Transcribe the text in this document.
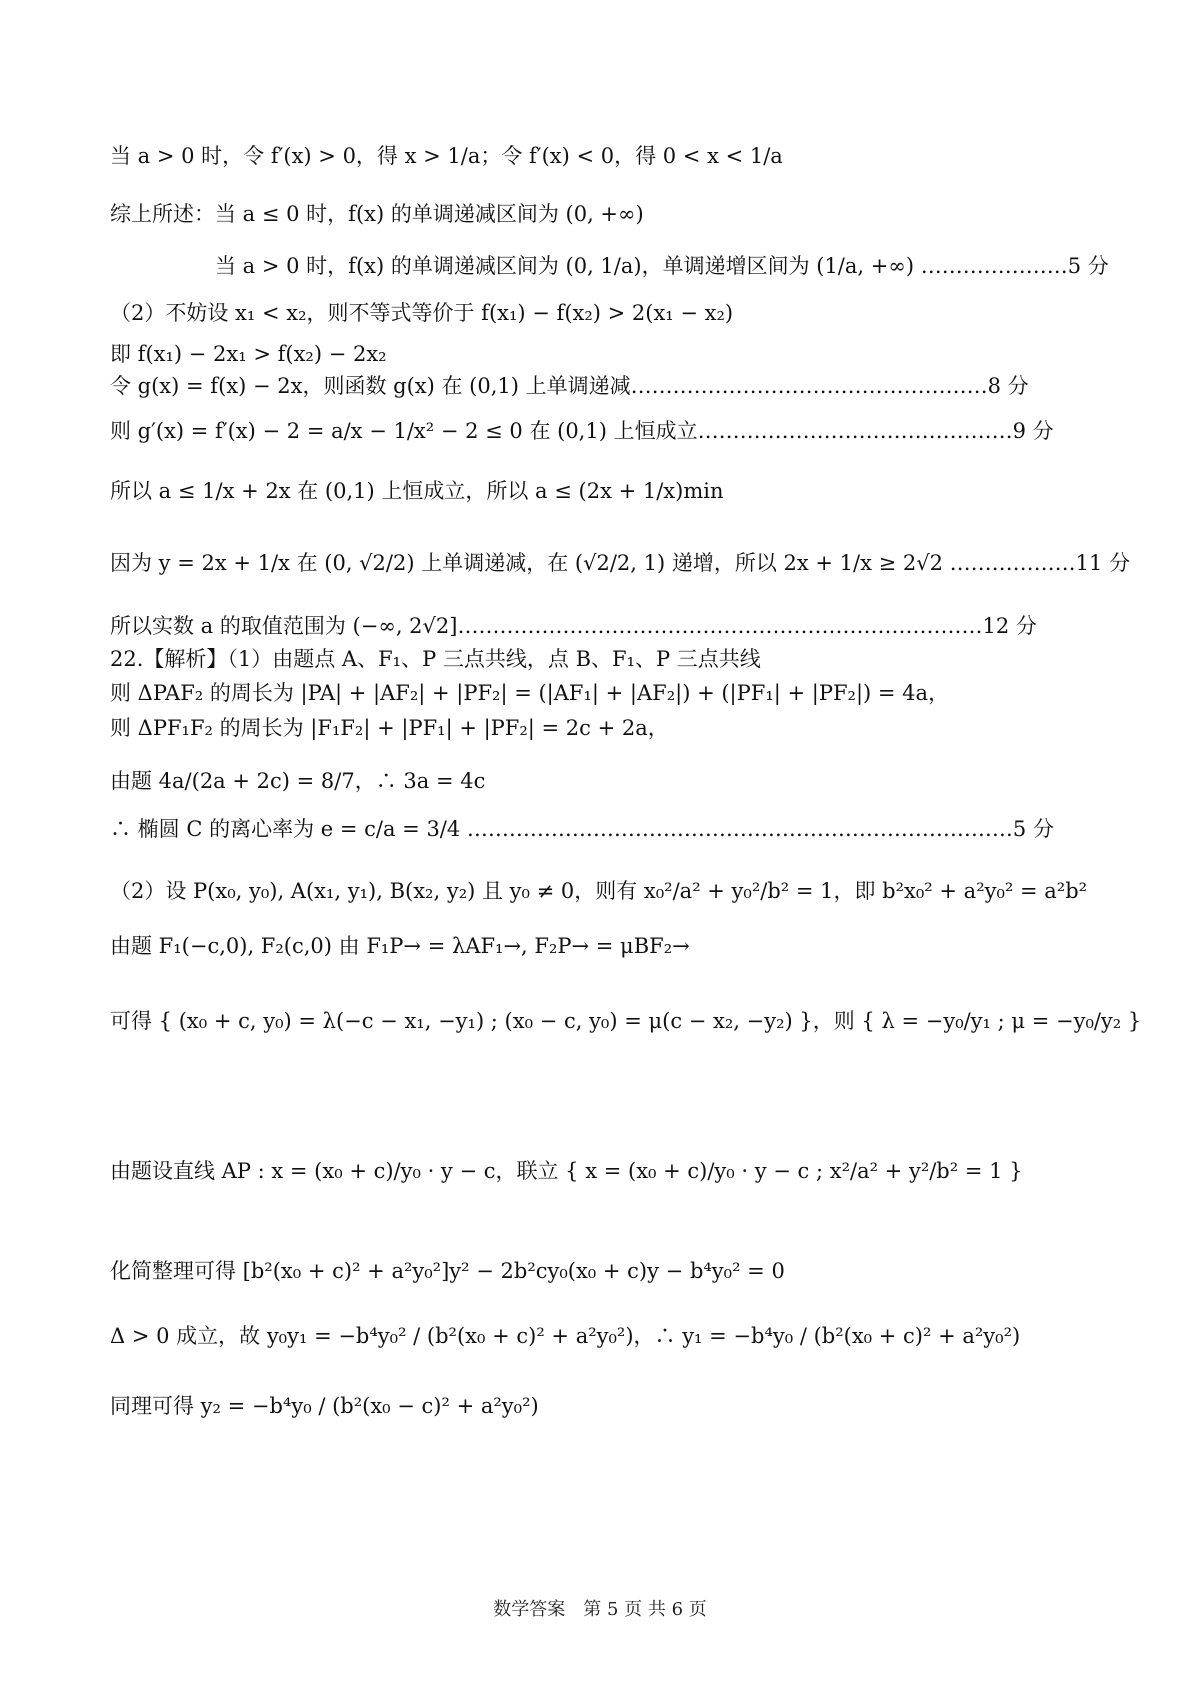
当 a > 0 时，令 f′(x) > 0，得 x > 1/a；令 f′(x) < 0，得 0 < x < 1/a
综上所述：当 a ≤ 0 时，f(x) 的单调递减区间为 (0, +∞)
当 a > 0 时，f(x) 的单调递减区间为 (0, 1/a)，单调递增区间为 (1/a, +∞) …………………5 分
（2）不妨设 x₁ < x₂，则不等式等价于 f(x₁) − f(x₂) > 2(x₁ − x₂)
即 f(x₁) − 2x₁ > f(x₂) − 2x₂
令 g(x) = f(x) − 2x，则函数 g(x) 在 (0,1) 上单调递减……………………………………………8 分
则 g′(x) = f′(x) − 2 = a/x − 1/x² − 2 ≤ 0 在 (0,1) 上恒成立………………………………………9 分
所以 a ≤ 1/x + 2x 在 (0,1) 上恒成立，所以 a ≤ (2x + 1/x)min
因为 y = 2x + 1/x 在 (0, √2/2) 上单调递减，在 (√2/2, 1) 递增，所以 2x + 1/x ≥ 2√2 ………………11 分
所以实数 a 的取值范围为 (−∞, 2√2]…………………………………………………………………12 分
22.【解析】（1）由题点 A、F₁、P 三点共线，点 B、F₁、P 三点共线
则 ΔPAF₂ 的周长为 |PA| + |AF₂| + |PF₂| = (|AF₁| + |AF₂|) + (|PF₁| + |PF₂|) = 4a，
则 ΔPF₁F₂ 的周长为 |F₁F₂| + |PF₁| + |PF₂| = 2c + 2a，
由题 4a/(2a + 2c) = 8/7，∴ 3a = 4c
∴ 椭圆 C 的离心率为 e = c/a = 3/4 ……………………………………………………………………5 分
（2）设 P(x₀, y₀), A(x₁, y₁), B(x₂, y₂) 且 y₀ ≠ 0，则有 x₀²/a² + y₀²/b² = 1，即 b²x₀² + a²y₀² = a²b²
由题 F₁(−c,0), F₂(c,0) 由 F₁P→ = λAF₁→, F₂P→ = μBF₂→
可得 { (x₀ + c, y₀) = λ(−c − x₁, −y₁) ; (x₀ − c, y₀) = μ(c − x₂, −y₂) }，则 { λ = −y₀/y₁ ; μ = −y₀/y₂ }
由题设直线 AP : x = (x₀ + c)/y₀ · y − c，联立 { x = (x₀ + c)/y₀ · y − c ; x²/a² + y²/b² = 1 }
化简整理可得 [b²(x₀ + c)² + a²y₀²]y² − 2b²cy₀(x₀ + c)y − b⁴y₀² = 0
Δ > 0 成立，故 y₀y₁ = −b⁴y₀² / (b²(x₀ + c)² + a²y₀²)，∴ y₁ = −b⁴y₀ / (b²(x₀ + c)² + a²y₀²)
同理可得 y₂ = −b⁴y₀ / (b²(x₀ − c)² + a²y₀²)
数学答案　第 5 页 共 6 页
